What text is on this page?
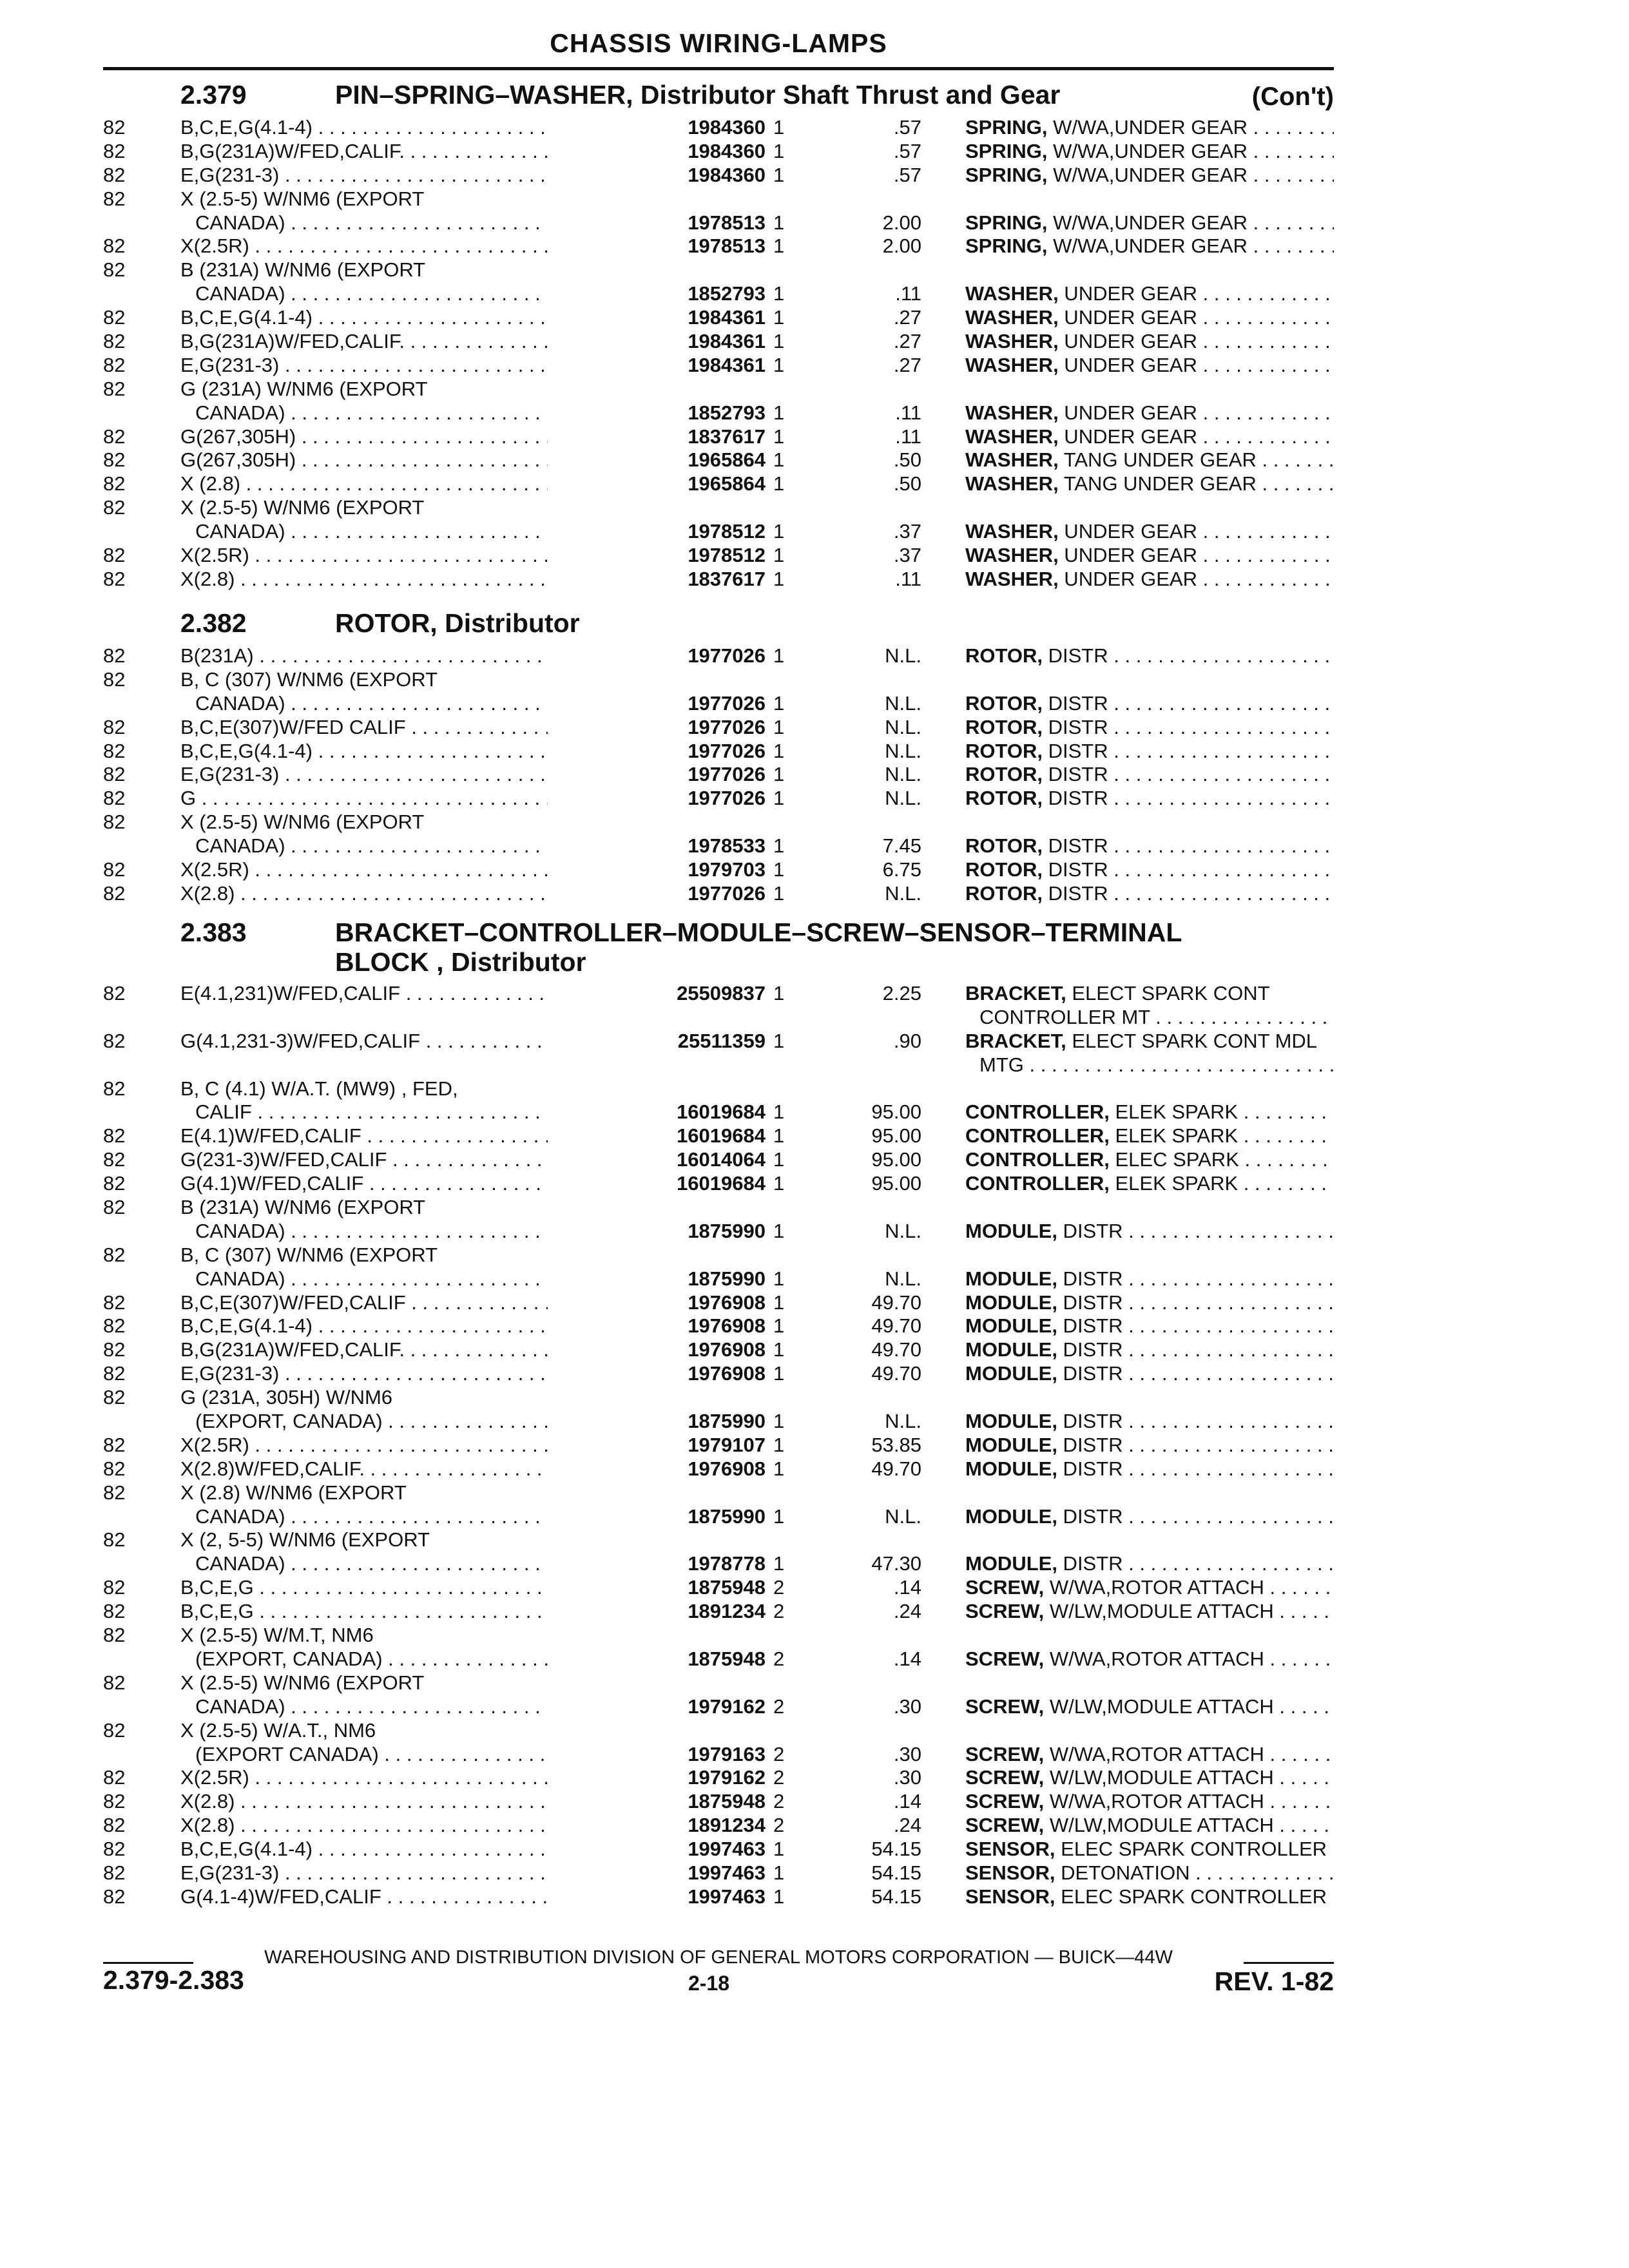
CHASSIS WIRING-LAMPS
2.379	PIN–SPRING–WASHER, Distributor Shaft Thrust and Gear	(Con't)
82	B,C,E,G(4.1-4) . . .	1984360 1	.57 SPRING, W/WA,UNDER GEAR . . .
82	B,G(231A)W/FED,CALIF. . . .	1984360 1	.57 SPRING, W/WA,UNDER GEAR . . .
82	E,G(231-3) . . .	1984360 1	.57 SPRING, W/WA,UNDER GEAR . . .
82	X (2.5-5) W/NM6 (EXPORT
CANADA) . . .	1978513 1	2.00 SPRING, W/WA,UNDER GEAR . . .
82	X(2.5R) . . .	1978513 1	2.00 SPRING, W/WA,UNDER GEAR . . .
82	B (231A) W/NM6 (EXPORT
CANADA) . . .	1852793 1	.11 WASHER, UNDER GEAR . . .
82	B,C,E,G(4.1-4) . . .	1984361 1	.27 WASHER, UNDER GEAR . . .
82	B,G(231A)W/FED,CALIF. . . .	1984361 1	.27 WASHER, UNDER GEAR . . .
82	E,G(231-3) . . .	1984361 1	.27 WASHER, UNDER GEAR . . .
82	G (231A) W/NM6 (EXPORT
CANADA) . . .	1852793 1	.11 WASHER, UNDER GEAR . . .
82	G(267,305H) . . .	1837617 1	.11 WASHER, UNDER GEAR . . .
82	G(267,305H) . . .	1965864 1	.50 WASHER, TANG UNDER GEAR . . .
82	X (2.8) . . .	1965864 1	.50 WASHER, TANG UNDER GEAR . . .
82	X (2.5-5) W/NM6 (EXPORT
CANADA) . . .	1978512 1	.37 WASHER, UNDER GEAR . . .
82	X(2.5R) . . .	1978512 1	.37 WASHER, UNDER GEAR . . .
82	X(2.8) . . .	1837617 1	.11 WASHER, UNDER GEAR . . .
2.382	ROTOR, Distributor
82	B(231A) . . .	1977026 1	N.L. ROTOR, DISTR . . .
82	B, C (307) W/NM6 (EXPORT
CANADA) . . .	1977026 1	N.L. ROTOR, DISTR . . .
82	B,C,E(307)W/FED CALIF . . .	1977026 1	N.L. ROTOR, DISTR . . .
82	B,C,E,G(4.1-4) . . .	1977026 1	N.L. ROTOR, DISTR . . .
82	E,G(231-3) . . .	1977026 1	N.L. ROTOR, DISTR . . .
82	G . . .	1977026 1	N.L. ROTOR, DISTR . . .
82	X (2.5-5) W/NM6 (EXPORT
CANADA) . . .	1978533 1	7.45 ROTOR, DISTR . . .
82	X(2.5R) . . .	1979703 1	6.75 ROTOR, DISTR . . .
82	X(2.8) . . .	1977026 1	N.L. ROTOR, DISTR . . .
2.383	BRACKET–CONTROLLER–MODULE–SCREW–SENSOR–TERMINAL
BLOCK , Distributor
82	E(4.1,231)W/FED,CALIF . . .	25509837 1	2.25 BRACKET, ELECT SPARK CONT
CONTROLLER MT . . .
82	G(4.1,231-3)W/FED,CALIF . . .	25511359 1	.90 BRACKET, ELECT SPARK CONT MDL
MTG . . .
82	B, C (4.1) W/A.T. (MW9) , FED,
CALIF . . .	16019684 1	95.00 CONTROLLER, ELEK SPARK . . .
82	E(4.1)W/FED,CALIF . . .	16019684 1	95.00 CONTROLLER, ELEK SPARK . . .
82	G(231-3)W/FED,CALIF . . .	16014064 1	95.00 CONTROLLER, ELEC SPARK . . .
82	G(4.1)W/FED,CALIF . . .	16019684 1	95.00 CONTROLLER, ELEK SPARK . . .
82	B (231A) W/NM6 (EXPORT
CANADA) . . .	1875990 1	N.L. MODULE, DISTR . . .
82	B, C (307) W/NM6 (EXPORT
CANADA) . . .	1875990 1	N.L. MODULE, DISTR . . .
82	B,C,E(307)W/FED,CALIF . . .	1976908 1	49.70 MODULE, DISTR . . .
82	B,C,E,G(4.1-4) . . .	1976908 1	49.70 MODULE, DISTR . . .
82	B,G(231A)W/FED,CALIF. . . .	1976908 1	49.70 MODULE, DISTR . . .
82	E,G(231-3) . . .	1976908 1	49.70 MODULE, DISTR . . .
82	G (231A, 305H) W/NM6
(EXPORT, CANADA) . . .	1875990 1	N.L. MODULE, DISTR . . .
82	X(2.5R) . . .	1979107 1	53.85 MODULE, DISTR . . .
82	X(2.8)W/FED,CALIF. . . .	1976908 1	49.70 MODULE, DISTR . . .
82	X (2.8) W/NM6 (EXPORT
CANADA) . . .	1875990 1	N.L. MODULE, DISTR . . .
82	X (2, 5-5) W/NM6 (EXPORT
CANADA) . . .	1978778 1	47.30 MODULE, DISTR . . .
82	B,C,E,G . . .	1875948 2	.14 SCREW, W/WA,ROTOR ATTACH . . .
82	B,C,E,G . . .	1891234 2	.24 SCREW, W/LW,MODULE ATTACH . . .
82	X (2.5-5) W/M.T, NM6
(EXPORT, CANADA) . . .	1875948 2	.14 SCREW, W/WA,ROTOR ATTACH . . .
82	X (2.5-5) W/NM6 (EXPORT
CANADA) . . .	1979162 2	.30 SCREW, W/LW,MODULE ATTACH . . .
82	X (2.5-5) W/A.T., NM6
(EXPORT CANADA) . . .	1979163 2	.30 SCREW, W/WA,ROTOR ATTACH . . .
82	X(2.5R) . . .	1979162 2	.30 SCREW, W/LW,MODULE ATTACH . . .
82	X(2.8) . . .	1875948 2	.14 SCREW, W/WA,ROTOR ATTACH . . .
82	X(2.8) . . .	1891234 2	.24 SCREW, W/LW,MODULE ATTACH . . .
82	B,C,E,G(4.1-4) . . .	1997463 1	54.15 SENSOR, ELEC SPARK CONTROLLER . . .
82	E,G(231-3) . . .	1997463 1	54.15 SENSOR, DETONATION . . .
82	G(4.1-4)W/FED,CALIF . . .	1997463 1	54.15 SENSOR, ELEC SPARK CONTROLLER . . .
WAREHOUSING AND DISTRIBUTION DIVISION OF GENERAL MOTORS CORPORATION — BUICK—44W
2.379-2.383	2-18	REV. 1-82
